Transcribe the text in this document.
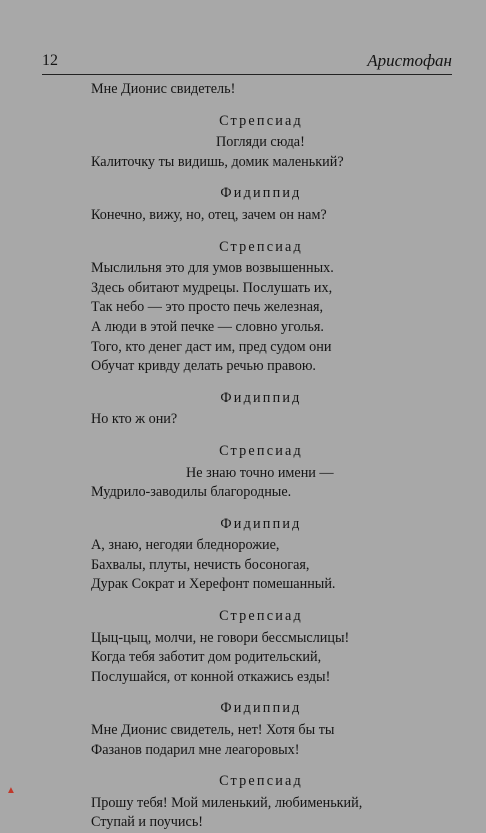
12	Аристофан

Мне Дионис свидетель!

Стрепсиад

Погляди сюда!

Калиточку ты видишь, домик маленький?

Фидиппид

Конечно, вижу, но, отец, зачем он нам?

Стрепсиад

Мыслильня это для умов возвышенных.

Здесь обитают мудрецы. Послушать их,

Так небо — это просто печь железная,

А люди в этой печке — словно уголья.

Того, кто денег даст им, пред судом они

Обучат кривду делать речью правою.

Фидиппид

Но кто ж они?

Стрепсиад

Не знаю точно имени —

Мудрило-заводилы благородные.

Фидиппид

А, знаю, негодяи бледнорожие,

Бахвалы, плуты, нечисть босоногая,

Дурак Сократ и Херефонт помешанный.

Стрепсиад

Цыц-цыц, молчи, не говори бессмыслицы!

Когда тебя заботит дом родительский,

Послушайся, от конной откажись езды!

Фидиппид

Мне Дионис свидетель, нет! Хотя бы ты

Фазанов подарил мне леагоровых!

Стрепсиад

Прошу тебя! Мой миленький, любименький,

Ступай и поучись!

▲
